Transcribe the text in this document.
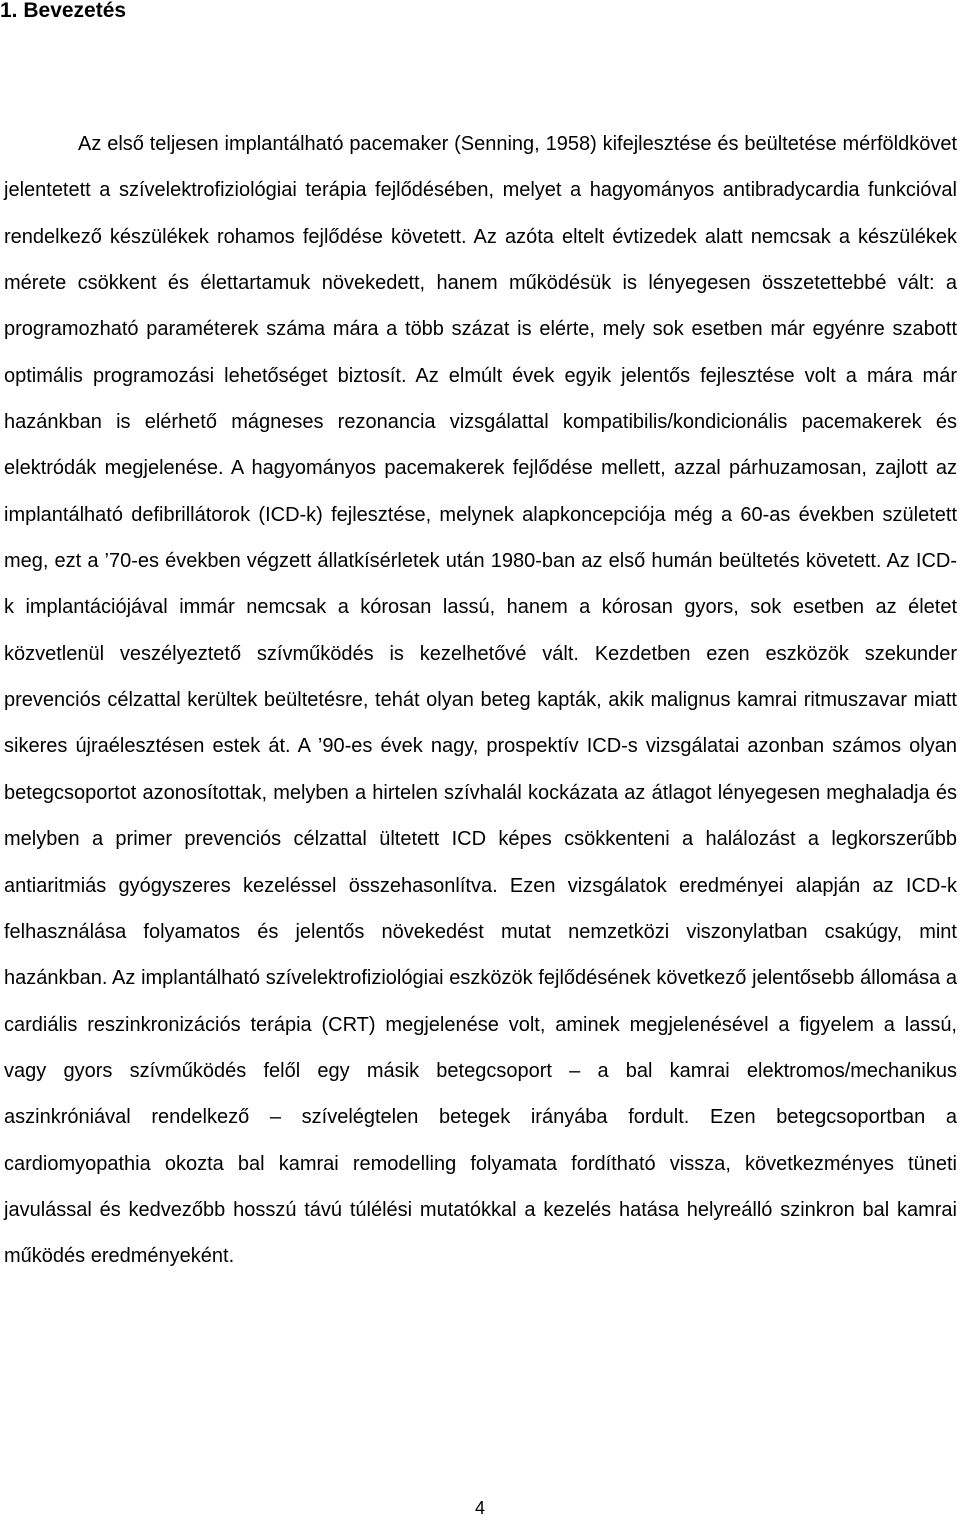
1. Bevezetés

Az első teljesen implantálható pacemaker (Senning, 1958) kifejlesztése és beültetése mérföldkövet jelentetett a szívelektrofiziológiai terápia fejlődésében, melyet a hagyományos antibradycardia funkcióval rendelkező készülékek rohamos fejlődése követett. Az azóta eltelt évtizedek alatt nemcsak a készülékek mérete csökkent és élettartamuk növekedett, hanem működésük is lényegesen összetettebbé vált: a programozható paraméterek száma mára a több százat is elérte, mely sok esetben már egyénre szabott optimális programozási lehetőséget biztosít. Az elmúlt évek egyik jelentős fejlesztése volt a mára már hazánkban is elérhető mágneses rezonancia vizsgálattal kompatibilis/kondicionális pacemakerek és elektródák megjelenése. A hagyományos pacemakerek fejlődése mellett, azzal párhuzamosan, zajlott az implantálható defibrillátorok (ICD-k) fejlesztése, melynek alapkoncepciója még a 60-as években született meg, ezt a ’70-es években végzett állatkísérletek után 1980-ban az első humán beültetés követett. Az ICD-k implantációjával immár nemcsak a kórosan lassú, hanem a kórosan gyors, sok esetben az életet közvetlenül veszélyeztető szívműködés is kezelhetővé vált. Kezdetben ezen eszközök szekunder prevenciós célzattal kerültek beültetésre, tehát olyan beteg kapták, akik malignus kamrai ritmuszavar miatt sikeres újraélesztésen estek át. A ’90-es évek nagy, prospektív ICD-s vizsgálatai azonban számos olyan betegcsoportot azonosítottak, melyben a hirtelen szívhalál kockázata az átlagot lényegesen meghaladja és melyben a primer prevenciós célzattal ültetett ICD képes csökkenteni a halálozást a legkorszerűbb antiaritmiás gyógyszeres kezeléssel összehasonlítva. Ezen vizsgálatok eredményei alapján az ICD-k felhasználása folyamatos és jelentős növekedést mutat nemzetközi viszonylatban csakúgy, mint hazánkban. Az implantálható szívelektrofiziológiai eszközök fejlődésének következő jelentősebb állomása a cardiális reszinkronizációs terápia (CRT) megjelenése volt, aminek megjelenésével a figyelem a lassú, vagy gyors szívműködés felől egy másik betegcsoport – a bal kamrai elektromos/mechanikus aszinkróniával rendelkező – szívelégtelen betegek irányába fordult. Ezen betegcsoportban a cardiomyopathia okozta bal kamrai remodelling folyamata fordítható vissza, következményes tüneti javulással és kedvezőbb hosszú távú túlélési mutatókkal a kezelés hatása helyreálló szinkron bal kamrai működés eredményeként.

4
